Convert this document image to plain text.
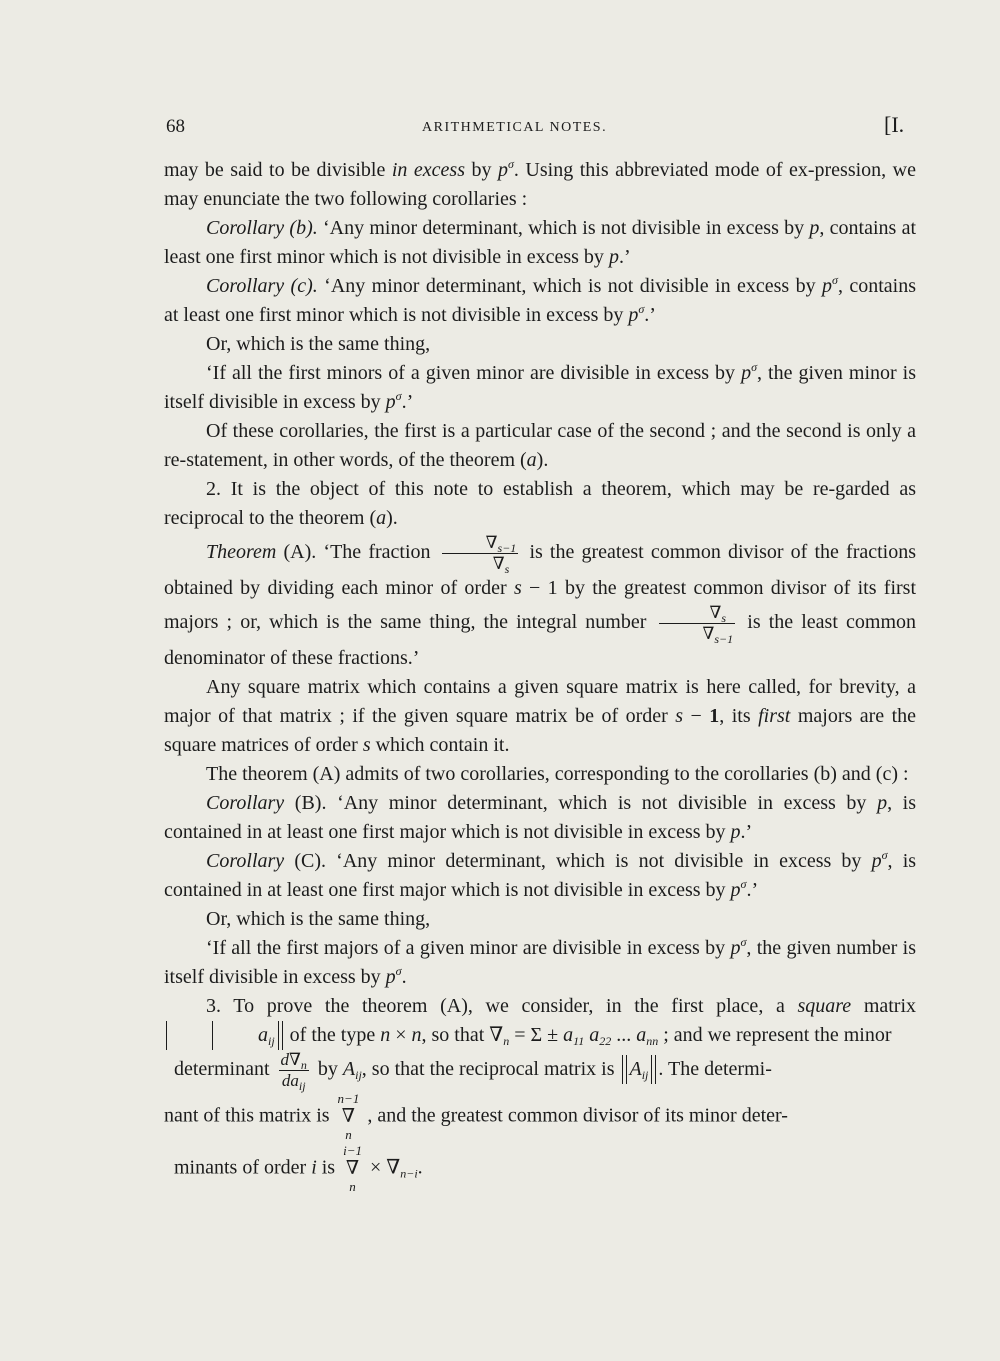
68	ARITHMETICAL NOTES.	[I.

may be said to be divisible in excess by $p^\sigma$. Using this abbreviated mode of ex-pression, we may enunciate the two following corollaries :

Corollary (b). ‘Any minor determinant, which is not divisible in excess by p, contains at least one first minor which is not divisible in excess by p.’

Corollary (c). ‘Any minor determinant, which is not divisible in excess by $p^\sigma$, contains at least one first minor which is not divisible in excess by $p^\sigma$.’

Or, which is the same thing,

‘If all the first minors of a given minor are divisible in excess by $p^\sigma$, the given minor is itself divisible in excess by $p^\sigma$.’

Of these corollaries, the first is a particular case of the second ; and the second is only a re-statement, in other words, of the theorem (a).

2. It is the object of this note to establish a theorem, which may be re-garded as reciprocal to the theorem (a).

Theorem (A). ‘The fraction $\frac{\nabla_{s-1}}{\nabla_s}$ is the greatest common divisor of the fractions obtained by dividing each minor of order s − 1 by the greatest common divisor of its first majors ; or, which is the same thing, the integral number $\frac{\nabla_s}{\nabla_{s-1}}$ is the least common denominator of these fractions.’

Any square matrix which contains a given square matrix is here called, for brevity, a major of that matrix ; if the given square matrix be of order s − 1, its first majors are the square matrices of order s which contain it.

The theorem (A) admits of two corollaries, corresponding to the corollaries (b) and (c) :

Corollary (B). ‘Any minor determinant, which is not divisible in excess by p, is contained in at least one first major which is not divisible in excess by p.’

Corollary (C). ‘Any minor determinant, which is not divisible in excess by $p^\sigma$, is contained in at least one first major which is not divisible in excess by $p^\sigma$.’

Or, which is the same thing,

‘If all the first majors of a given minor are divisible in excess by $p^\sigma$, the given number is itself divisible in excess by $p^\sigma$.

3. To prove the theorem (A), we consider, in the first place, a square matrix $a_{ij}$ of the type n × n, so that $\nabla_n = \Sigma \pm a_{11}$ $a_{22}$ ... $a_{nn}$ ; and we represent the minor

determinant $\frac{d\nabla_n}{da_{ij}}$ by $A_{ij}$, so that the reciprocal matrix is $A_{ij}$ . The determi-

nant of this matrix is
n−1
∇
n
, and the greatest common divisor of its minor deter-

minants of order i is
i−1
∇
n
× $\nabla_{n-i}$.
